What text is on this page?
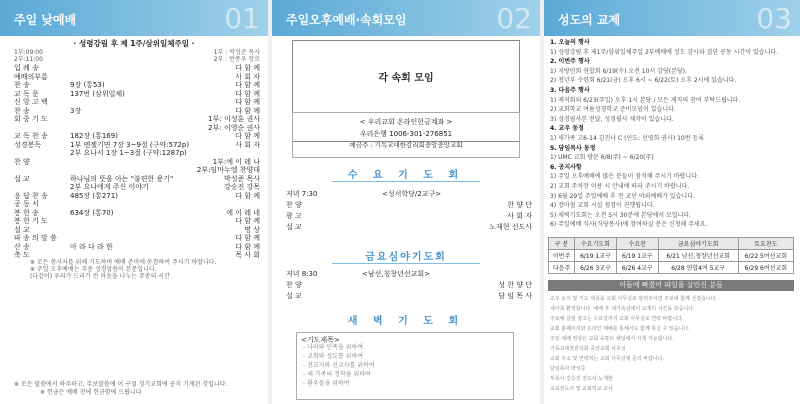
주일 낮예배	01
· 성령강림 후 제 1주/삼위일체주일 ·
1부:09:00	1부 : 박성준 목사
2부:11:00	2부 : 반종우 장로
입 례 송	다 함 께
예배의부름	사 회 자
찬 송	9장 (통53)	다 함 께
교 독 문	137번 (삼위일체)	다 함 께
신 앙 고 백	다 함 께
찬 송	3장	다 함 께
회 중 기 도	1부: 이성훈 권사
2부: 이영순 권사
교 독 찬 송	182장 (통169)	다 함 께
성경봉독	1부 엔젤기면 7장 3~9절 (구약:572p)	사 회 자
2부 요나서 1장 1~3절 (구약:1287p)
찬 양	1부:에 이 레 나
2부:임마누엘 찬양대
설 교	하나님의 뜻을 아는 "불편한 용기"	박성준 목사
2부 요나에게 주신 이야기	강승진 강목
응 답 찬 송	485장 (통271)	다 함 께
공 동 서
봉 헌 송	634장 (통70)	에 이 레 네
봉 헌 기 도	다 함 께
설 교	명 상
파 송 의 말 씀	다 함 께
산 송	아 라 다 라 한	다 함 께
축 도	목 사 회
※ 모든 봉사자를 위해 기도하며 예배 준비에 동참하여 주시기 바랍니다.
※ 주일 오후예배는 주중 성경말씀이 본문입니다.
(다같이) 우리가 드리기 전 마음을 나누는 주중의 시간
※ 모든 말씀에서 하루하고, 주보말씀에 이 구절 정기교회에 공지 기재된 것입니다.
※ 헌금은 예배 전에 헌금함에 드립니다
주일오후예배·속회모임	02
각 속회 모임
< 우리교회 온라인헌금계좌 >
우리은행 1006-301-276851
예금주 : 기독교대한감리회중앙중앙교회
수 요 기 도 회
저녁 7:30	<성서학당/2교구>
찬 양	찬 양 단
광 고	사 회 자
설 교	노재현 선도사
금요심야기도회
저녁 8:30	<남선,칭창년선교회>
찬 양	성 찬 양 단
설 교	담 임 목 사
새 벽 기 도 회
<기도제목>
- 나라와 민족을 위하여
- 교회와 성도를 위하여
- 선교지와 선교사를 위하여
- 새 가족의 정착을 위하여
- 환우들을 위하여
성도의 교제	03
1. 오늘의 행사
1) 성령강림 후 제1주/삼위일체주일 2부예배에 성도 감사와 결단 공동 시간이 있습니다.
2. 이번주 행사
1) 지방연회 연합회 6/19(수) 오전 10시 강당(본당).
2) 청년부 수련회 6/21(금) 오후 6시 ~ 6/22(토) 오후 2시에 있습니다.
3. 다음주 행사
1) 제직회의 6/23(주일) 오후 1시 본당 / 모든 제직의 참여 부탁드립니다.
2) 교회학교 여름성경학교 준비모임이 있습니다.
3) 성경필사본 전달, 성경필사 제작이 있습니다.
4. 교우 동정
1) 새가족 고6-14 김진나 C (인도: 선영희 권사) 10번 등록
5. 담임목사 동정
1) UMC 교회 방문 6/8(주) ~ 6/20(주)
6. 공지사항
1) 주일 오후예배에 많은 분들이 참석해 주시기 바랍니다.
2) 교회 주차장 이용 시 안내에 따라 주시기 바랍니다.
3) 6월 29일 주일예배 후 전 교인 야외예배가 있습니다.
4) 장마철 교회 시설 점검이 진행됩니다.
5) 새벽기도회는 오전 5시 30분에 본당에서 모입니다.
6) 주일예배 식사(식당봉사)에 참여하실 분은 신청해 주세요.
구 분	수요기도회	수요찬	금요심야기도회	토요찬도
이번주	6/19 1교구	6/19 1교구	6/21 남선,청장년선교회	6/22 5여선교회
다음주	6/26 3교구	6/26 4교구	6/28 연합4여 5교구	6/29 6여선교회
이들에 빠졌어 파일을 살린신 분들
교우 소식 및 기도 제목을 교회 사무실로 알려주시면 주보에 함께 싣겠습니다.
새가족 환영합니다. 예배 후 새가족실에서 교제의 시간을 갖습니다.
주보에 실릴 광고는 수요일까지 교회 사무실로 연락 바랍니다.
교회 홈페이지와 온라인 예배를 통해서도 함께 하실 수 있습니다.
주일 예배 영상은 교회 유튜브 채널에서 시청 가능합니다.
기독교대한감리회 중앙교회 사무실
교회 주소 및 연락처는 교회 사무실에 문의 바랍니다.
담임목사 박성준
부목사 강승진 전도사 노재현
교육전도사 및 교회학교 교사
